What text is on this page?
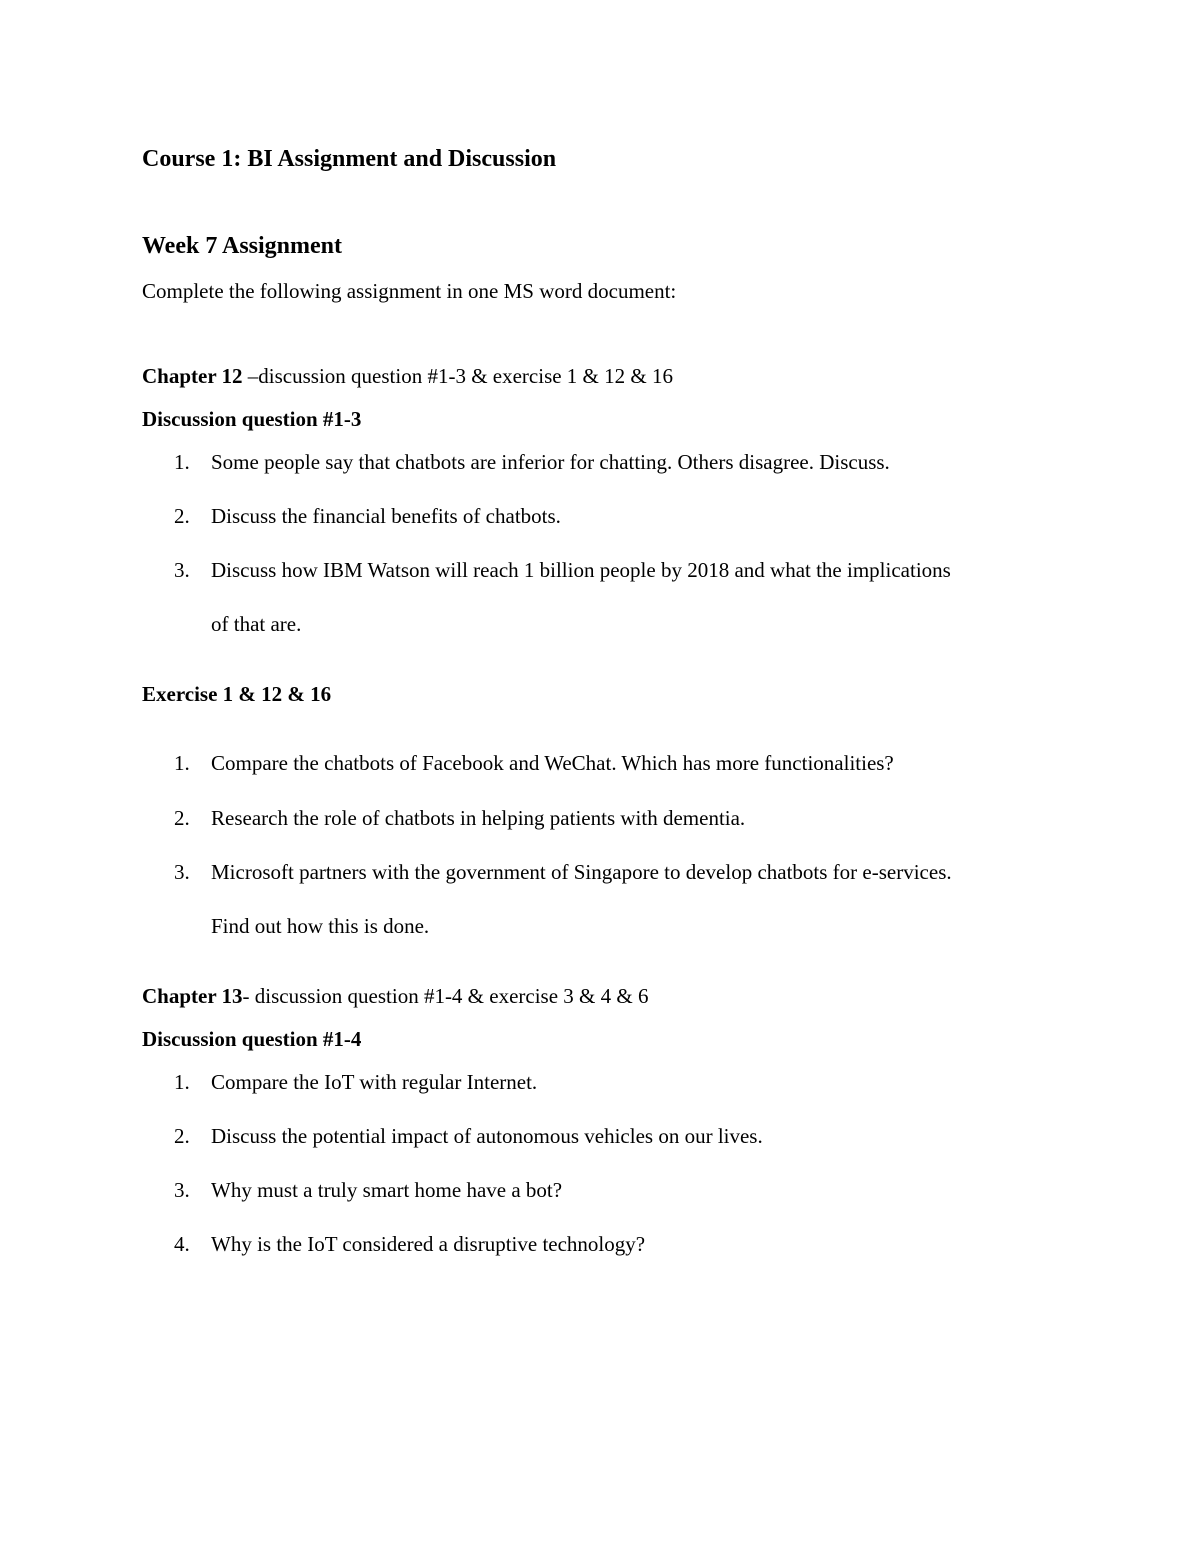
Course 1: BI Assignment and Discussion
Week 7 Assignment

Complete the following assignment in one MS word document:

Chapter 12 –discussion question #1-3 & exercise 1 & 12 & 16

Discussion question #1-3

1. Some people say that chatbots are inferior for chatting. Others disagree. Discuss.
2. Discuss the financial benefits of chatbots.
3. Discuss how IBM Watson will reach 1 billion people by 2018 and what the implications
of that are.

Exercise 1 & 12 & 16

1. Compare the chatbots of Facebook and WeChat. Which has more functionalities?
2. Research the role of chatbots in helping patients with dementia.
3. Microsoft partners with the government of Singapore to develop chatbots for e-services.
Find out how this is done.

Chapter 13- discussion question #1-4 & exercise 3 & 4 & 6

Discussion question #1-4

1. Compare the IoT with regular Internet.
2. Discuss the potential impact of autonomous vehicles on our lives.
3. Why must a truly smart home have a bot?
4. Why is the IoT considered a disruptive technology?
